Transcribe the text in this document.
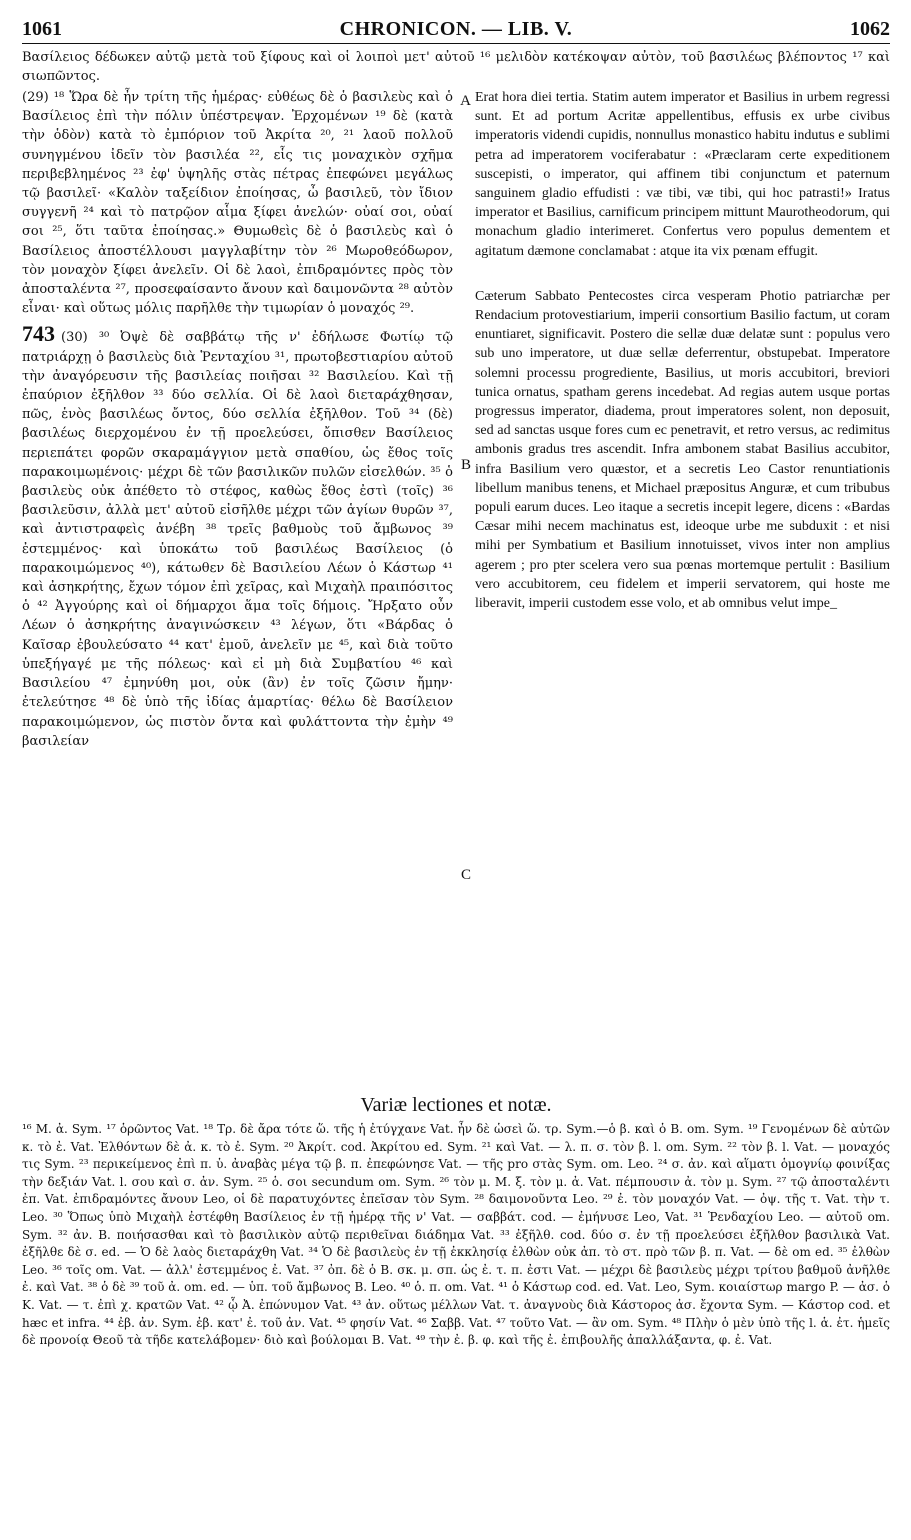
1061	CHRONICON. — LIB. V.	1062
Βασίλειος δέδωκεν αὐτῷ μετὰ τοῦ ξίφους καὶ οἱ λοιποὶ μετ' αὐτοῦ ¹⁶ μελιδὸν κατέκοψαν αὐτὸν, τοῦ βασιλέως βλέποντος ¹⁷ καὶ σιωπῶντος.
A
B
C

(29) ¹⁸ Ὥρα δὲ ἦν τρίτη τῆς ἡμέρας· εὐθέως δὲ ὁ βασιλεὺς καὶ ὁ Βασίλειος ἐπὶ τὴν πόλιν ὑπέστρεψαν. Ἐρχομένων ¹⁹ δὲ (κατὰ τὴν ὁδὸν) κατὰ τὸ ἐμπόριον τοῦ Ἀκρίτα ²⁰, ²¹ λαοῦ πολλοῦ συνηγμένου ἰδεῖν τὸν βασιλέα ²², εἷς τις μοναχικὸν σχῆμα περιβεβλημένος ²³ ἐφ' ὑψηλῆς στὰς πέτρας ἐπεφώνει μεγάλως τῷ βασιλεῖ· «Καλὸν ταξείδιον ἐποίησας, ὦ βασιλεῦ, τὸν ἴδιον συγγενῆ ²⁴ καὶ τὸ πατρῷον αἷμα ξίφει ἀνελών· οὐαί σοι, οὐαί σοι ²⁵, ὅτι ταῦτα ἐποίησας.» Θυμωθεὶς δὲ ὁ βασιλεὺς καὶ ὁ Βασίλειος ἀποστέλλουσι μαγγλαβίτην τὸν ²⁶ Μωροθεόδωρον, τὸν μοναχὸν ξίφει ἀνελεῖν. Οἱ δὲ λαοὶ, ἐπιδραμόντες πρὸς τὸν ἀποσταλέντα ²⁷, προσεφαίσαντο ἄνουν καὶ δαιμονῶντα ²⁸ αὐτὸν εἶναι· καὶ οὕτως μόλις παρῆλθε τὴν τιμωρίαν ὁ μοναχός ²⁹.

743 (30) ³⁰ Ὀψὲ δὲ σαββάτῳ τῆς ν' ἐδήλωσε Φωτίῳ τῷ πατριάρχῃ ὁ βασιλεὺς διὰ Ῥενταχίου ³¹, πρωτοβεστιαρίου αὐτοῦ τὴν ἀναγόρευσιν τῆς βασιλείας ποιῆσαι ³² Βασιλείου. Καὶ τῇ ἐπαύριον ἐξῆλθον ³³ δύο σελλία. Οἱ δὲ λαοὶ διεταράχθησαν, πῶς, ἑνὸς βασιλέως ὄντος, δύο σελλία ἐξῆλθον. Τοῦ ³⁴ (δὲ) βασιλέως διερχομένου ἐν τῇ προελεύσει, ὄπισθεν Βασίλειος περιεπάτει φορῶν σκαραμάγγιον μετὰ σπαθίου, ὡς ἔθος τοῖς παρακοιμωμένοις· μέχρι δὲ τῶν βασιλικῶν πυλῶν εἰσελθών. ³⁵ ὁ βασιλεὺς οὐκ ἀπέθετο τὸ στέφος, καθὼς ἔθος ἐστὶ (τοῖς) ³⁶ βασιλεῦσιν, ἀλλὰ μετ' αὐτοῦ εἰσῆλθε μέχρι τῶν ἁγίων θυρῶν ³⁷, καὶ ἀντιστραφεὶς ἀνέβη ³⁸ τρεῖς βαθμοὺς τοῦ ἄμβωνος ³⁹ ἐστεμμένος· καὶ ὑποκάτω τοῦ βασιλέως Βασίλειος (ὁ παρακοιμώμενος ⁴⁰), κάτωθεν δὲ Βασιλείου Λέων ὁ Κάστωρ ⁴¹ καὶ ἀσηκρήτης, ἔχων τόμον ἐπὶ χεῖρας, καὶ Μιχαὴλ πραιπόσιτος ὁ ⁴² Ἀγγούρης καὶ οἱ δήμαρχοι ἅμα τοῖς δήμοις. Ἤρξατο οὖν Λέων ὁ ἀσηκρήτης ἀναγινώσκειν ⁴³ λέγων, ὅτι «Βάρδας ὁ Καῖσαρ ἐβουλεύσατο ⁴⁴ κατ' ἐμοῦ, ἀνελεῖν με ⁴⁵, καὶ διὰ τοῦτο ὑπεξήγαγέ με τῆς πόλεως· καὶ εἰ μὴ διὰ Συμβατίου ⁴⁶ καὶ Βασιλείου ⁴⁷ ἐμηνύθη μοι, οὐκ (ἂν) ἐν τοῖς ζῶσιν ἤμην· ἐτελεύτησε ⁴⁸ δὲ ὑπὸ τῆς ἰδίας ἁμαρτίας· θέλω δὲ Βασίλειον παρακοιμώμενον, ὡς πιστὸν ὄντα καὶ φυλάττοντα τὴν ἐμὴν ⁴⁹ βασιλείαν

Erat hora diei tertia. Statim autem imperator et Basilius in urbem regressi sunt. Et ad portum Acritæ appellentibus, effusis ex urbe civibus imperatoris videndi cupidis, nonnullus monastico habitu indutus e sublimi petra ad imperatorem vociferabatur : «Præclaram certe expeditionem suscepisti, o imperator, qui affinem tibi conjunctum et paternum sanguinem gladio effudisti : væ tibi, væ tibi, qui hoc patrasti!» Iratus imperator et Basilius, carnificum principem mittunt Maurotheodorum, qui monachum gladio interimeret. Confertus vero populus dementem et agitatum dæmone conclamabat : atque ita vix pœnam effugit.

Cæterum Sabbato Pentecostes circa vesperam Photio patriarchæ per Rendacium protovestiarium, imperii consortium Basilio factum, ut coram enuntiaret, significavit. Postero die sellæ duæ delatæ sunt : populus vero sub uno imperatore, ut duæ sellæ deferrentur, obstupebat. Imperatore solemni processu progrediente, Basilius, ut moris accubitori, breviori tunica ornatus, spatham gerens incedebat. Ad regias autem usque portas progressus imperator, diadema, prout imperatores solent, non deposuit, sed ad sanctas usque fores cum ec penetravit, et retro versus, ac redimitus ambonis gradus tres ascendit. Infra ambonem stabat Basilius accubitor, infra Basilium vero quæstor, et a secretis Leo Castor renuntiationis libellum manibus tenens, et Michael præpositus Anguræ, et cum tribubus populi earum duces. Leo itaque a secretis incepit legere, dicens : «Bardas Cæsar mihi necem machinatus est, ideoque urbe me subduxit : et nisi mihi per Symbatium et Basilium innotuisset, vivos inter non amplius agerem ; pro pter scelera vero sua pœnas mortemque pertulit : Basilium vero accubitorem, ceu fidelem et imperii servatorem, qui hoste me liberavit, imperii custodem esse volo, et ab omnibus velut impe_

Variæ lectiones et notæ.
¹⁶ M. ἀ. Sym. ¹⁷ ὁρῶντος Vat. ¹⁸ Τρ. δὲ ἄρα τότε ὥ. τῆς ἡ ἐτύγχανε Vat. ἦν δὲ ὡσεὶ ὥ. τρ. Sym.—ὁ β. καὶ ὁ B. om. Sym. ¹⁹ Γενομένων δὲ αὐτῶν κ. τὸ ἐ. Vat. Ἐλθόντων δὲ ἀ. κ. τὸ ἐ. Sym. ²⁰ Ἀκρίτ. cod. Ἀκρίτου ed. Sym. ²¹ καὶ Vat. — λ. π. σ. τὸν β. l. om. Sym. ²² τὸν β. l. Vat. — μοναχός τις Sym. ²³ περικείμενος ἐπὶ π. ὑ. ἀναβὰς μέγα τῷ β. π. ἐπεφώνησε Vat. — τῆς pro στὰς Sym. om. Leo. ²⁴ σ. ἀν. καὶ αἵματι ὁμογνίῳ φοινίξας τὴν δεξιάν Vat. l. σου καὶ σ. ἀν. Sym. ²⁵ ὁ. σοι secundum om. Sym. ²⁶ τὸν μ. M. ξ. τὸν μ. ἀ. Vat. πέμπουσιν ἀ. τὸν μ. Sym. ²⁷ τῷ ἀποσταλέντι ἐπ. Vat. ἐπιδραμόντες ἄνουν Leo, οἱ δὲ παρατυχόντες ἐπεῖσαν τὸν Sym. ²⁸ δαιμονοῦντα Leo. ²⁹ ἐ. τὸν μοναχόν Vat. — ὀψ. τῆς τ. Vat. τὴν τ. Leo. ³⁰ Ὅπως ὑπὸ Μιχαὴλ ἐστέφθη Βασίλειος ἐν τῇ ἡμέρᾳ τῆς ν' Vat. — σαββάτ. cod. — ἐμήνυσε Leo, Vat. ³¹ Ῥενδαχίου Leo. — αὐτοῦ om. Sym. ³² ἀν. B. ποιήσασθαι καὶ τὸ βασιλικὸν αὐτῷ περιθεῖναι διάδημα Vat. ³³ ἐξῆλθ. cod. δύο σ. ἐν τῇ προελεύσει ἐξῆλθον βασιλικὰ Vat. ἐξῆλθε δὲ σ. ed. — Ὁ δὲ λαὸς διεταράχθη Vat. ³⁴ Ὁ δὲ βασιλεὺς ἐν τῇ ἐκκλησίᾳ ἐλθὼν οὐκ ἀπ. τὸ στ. πρὸ τῶν β. π. Vat. — δὲ om ed. ³⁵ ἐλθὼν Leo. ³⁶ τοῖς om. Vat. — ἀλλ' ἐστεμμένος ἐ. Vat. ³⁷ ὀπ. δὲ ὁ B. σκ. μ. σπ. ὡς ἐ. τ. π. ἐστι Vat. — μέχρι δὲ βασιλεὺς μέχρι τρίτου βαθμοῦ ἀνῆλθε ἐ. καὶ Vat. ³⁸ ὁ δὲ ³⁹ τοῦ ἀ. om. ed. — ὑπ. τοῦ ἄμβωνος B. Leo. ⁴⁰ ὁ. π. om. Vat. ⁴¹ ὁ Κάστωρ cod. ed. Vat. Leo, Sym. κοιαίστωρ margo P. — ἀσ. ὁ Κ. Vat. — τ. ἐπὶ χ. κρατῶν Vat. ⁴² ᾧ Ἀ. ἐπώνυμον Vat. ⁴³ ἀν. οὕτως μέλλων Vat. τ. ἀναγνοὺς διὰ Κάστορος ἀσ. ἔχοντα Sym. — Κάστορ cod. et hæc et infra. ⁴⁴ ἐβ. ἀν. Sym. ἐβ. κατ' ἐ. τοῦ ἀν. Vat. ⁴⁵ φησίν Vat. ⁴⁶ Σαββ. Vat. ⁴⁷ τοῦτο Vat. — ἂν om. Sym. ⁴⁸ Πλὴν ὁ μὲν ὑπὸ τῆς l. ἁ. ἐτ. ἡμεῖς δὲ προνοίᾳ Θεοῦ τὰ τῆδε κατελάβομεν· διὸ καὶ βούλομαι B. Vat. ⁴⁹ τὴν ἐ. β. φ. καὶ τῆς ἐ. ἐπιβουλῆς ἀπαλλάξαντα, φ. ἐ. Vat.
